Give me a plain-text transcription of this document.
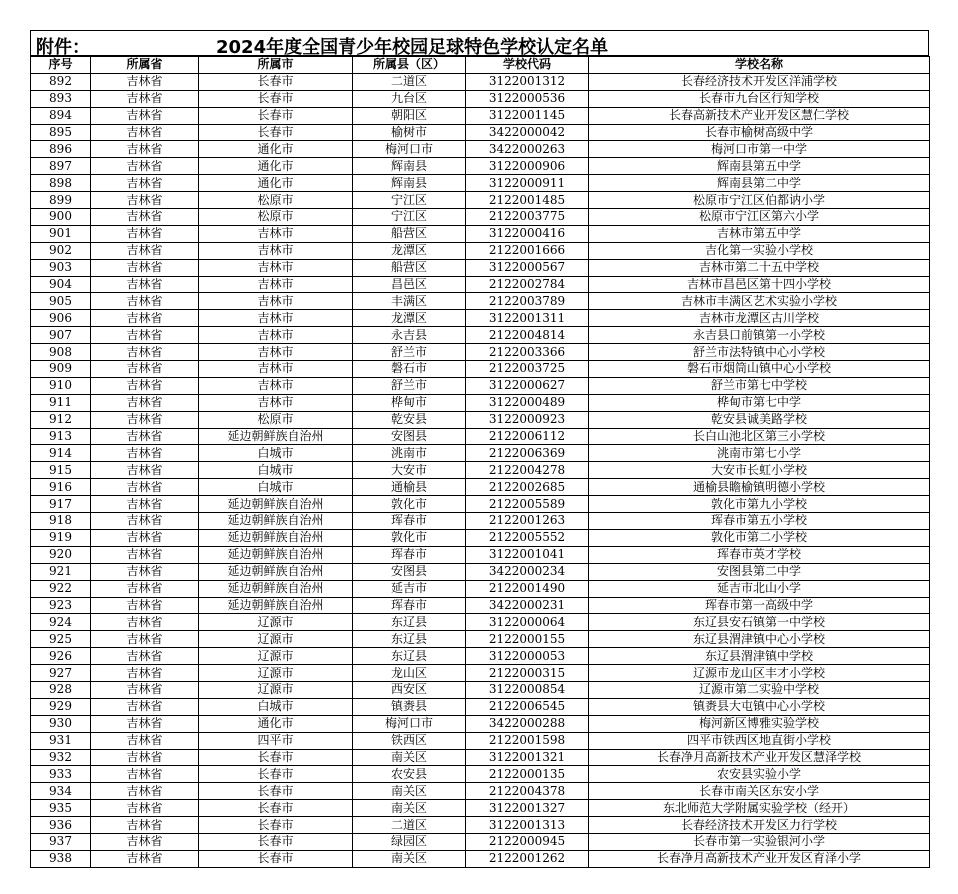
附件：	2024年度全国青少年校园足球特色学校认定名单
序号	所属省	所属市	所属县（区）	学校代码	学校名称
892	吉林省	长春市	二道区	3122001312	长春经济技术开发区洋浦学校
893	吉林省	长春市	九台区	3122000536	长春市九台区行知学校
894	吉林省	长春市	朝阳区	3122001145	长春高新技术产业开发区慧仁学校
895	吉林省	长春市	榆树市	3422000042	长春市榆树高级中学
896	吉林省	通化市	梅河口市	3422000263	梅河口市第一中学
897	吉林省	通化市	辉南县	3122000906	辉南县第五中学
898	吉林省	通化市	辉南县	3122000911	辉南县第二中学
899	吉林省	松原市	宁江区	2122001485	松原市宁江区伯都讷小学
900	吉林省	松原市	宁江区	2122003775	松原市宁江区第六小学
901	吉林省	吉林市	船营区	3122000416	吉林市第五中学
902	吉林省	吉林市	龙潭区	2122001666	吉化第一实验小学校
903	吉林省	吉林市	船营区	3122000567	吉林市第二十五中学校
904	吉林省	吉林市	昌邑区	2122002784	吉林市昌邑区第十四小学校
905	吉林省	吉林市	丰满区	2122003789	吉林市丰满区艺术实验小学校
906	吉林省	吉林市	龙潭区	3122001311	吉林市龙潭区古川学校
907	吉林省	吉林市	永吉县	2122004814	永吉县口前镇第一小学校
908	吉林省	吉林市	舒兰市	2122003366	舒兰市法特镇中心小学校
909	吉林省	吉林市	磐石市	2122003725	磐石市烟筒山镇中心小学校
910	吉林省	吉林市	舒兰市	3122000627	舒兰市第七中学校
911	吉林省	吉林市	桦甸市	3122000489	桦甸市第七中学
912	吉林省	松原市	乾安县	3122000923	乾安县诚美路学校
913	吉林省	延边朝鲜族自治州	安图县	2122006112	长白山池北区第三小学校
914	吉林省	白城市	洮南市	2122006369	洮南市第七小学
915	吉林省	白城市	大安市	2122004278	大安市长虹小学校
916	吉林省	白城市	通榆县	2122002685	通榆县瞻榆镇明德小学校
917	吉林省	延边朝鲜族自治州	敦化市	2122005589	敦化市第九小学校
918	吉林省	延边朝鲜族自治州	珲春市	2122001263	珲春市第五小学校
919	吉林省	延边朝鲜族自治州	敦化市	2122005552	敦化市第二小学校
920	吉林省	延边朝鲜族自治州	珲春市	3122001041	珲春市英才学校
921	吉林省	延边朝鲜族自治州	安图县	3422000234	安图县第二中学
922	吉林省	延边朝鲜族自治州	延吉市	2122001490	延吉市北山小学
923	吉林省	延边朝鲜族自治州	珲春市	3422000231	珲春市第一高级中学
924	吉林省	辽源市	东辽县	3122000064	东辽县安石镇第一中学校
925	吉林省	辽源市	东辽县	2122000155	东辽县渭津镇中心小学校
926	吉林省	辽源市	东辽县	3122000053	东辽县渭津镇中学校
927	吉林省	辽源市	龙山区	2122000315	辽源市龙山区丰才小学校
928	吉林省	辽源市	西安区	3122000854	辽源市第二实验中学校
929	吉林省	白城市	镇赉县	2122006545	镇赉县大屯镇中心小学校
930	吉林省	通化市	梅河口市	3422000288	梅河新区博雅实验学校
931	吉林省	四平市	铁西区	2122001598	四平市铁西区地直街小学校
932	吉林省	长春市	南关区	3122001321	长春净月高新技术产业开发区慧泽学校
933	吉林省	长春市	农安县	2122000135	农安县实验小学
934	吉林省	长春市	南关区	2122004378	长春市南关区东安小学
935	吉林省	长春市	南关区	3122001327	东北师范大学附属实验学校（经开）
936	吉林省	长春市	二道区	3122001313	长春经济技术开发区力行学校
937	吉林省	长春市	绿园区	2122000945	长春市第一实验银河小学
938	吉林省	长春市	南关区	2122001262	长春净月高新技术产业开发区育泽小学
